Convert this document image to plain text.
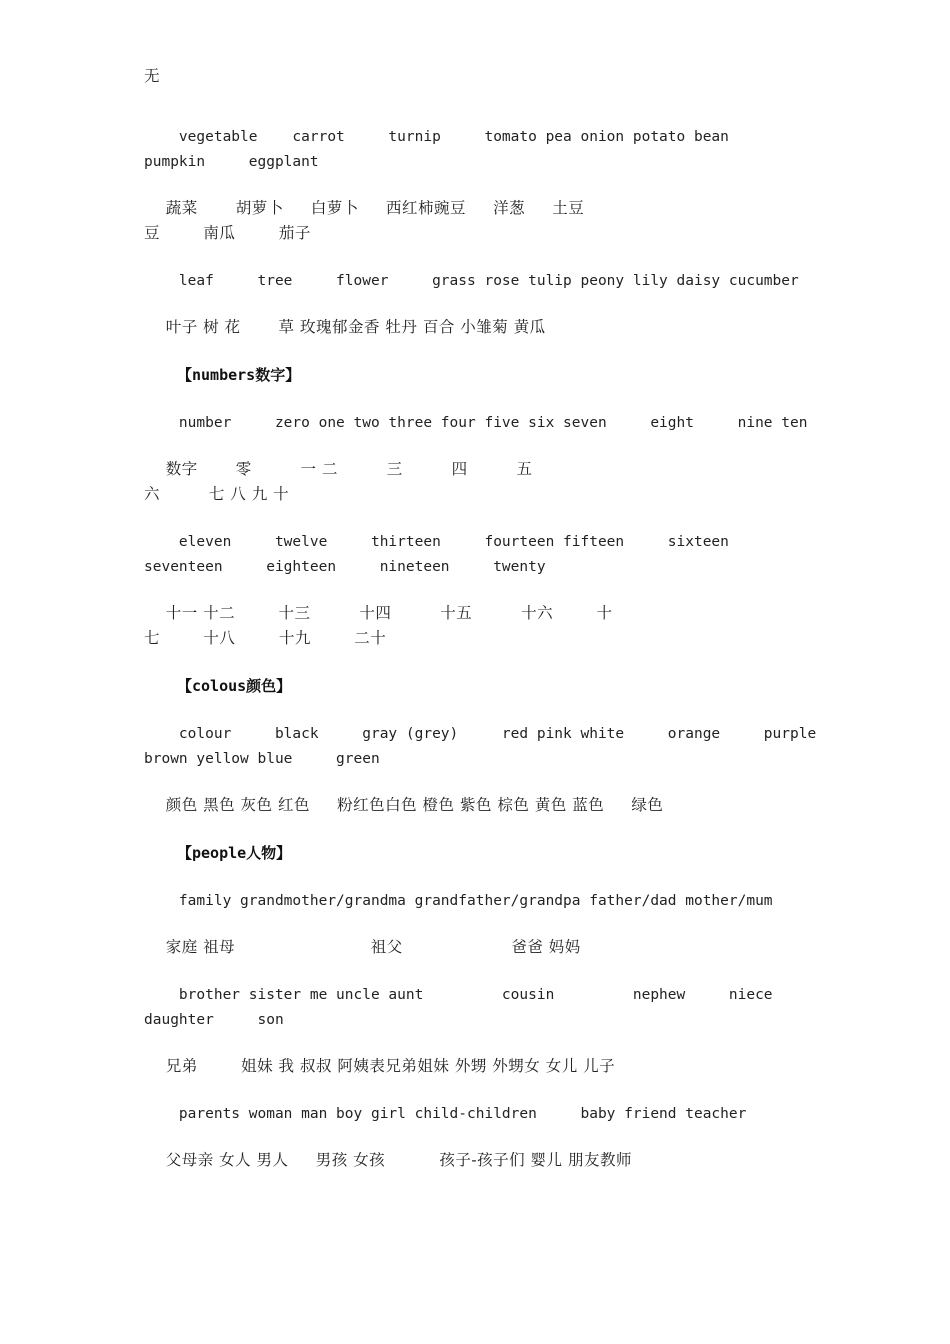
无

vegetable    carrot     turnip     tomato pea onion potato bean

pumpkin     eggplant

蔬菜       胡萝卜     白萝卜     西红柿豌豆     洋葱     土豆

豆        南瓜        茄子

leaf     tree     flower     grass rose tulip peony lily daisy cucumber

叶子 树 花       草 玫瑰郁金香 牡丹 百合 小雏菊 黄瓜

【numbers数字】

number     zero one two three four five six seven     eight     nine ten

数字       零         一 二         三         四         五

六         七 八 九 十

eleven     twelve     thirteen     fourteen fifteen     sixteen

seventeen     eighteen     nineteen     twenty

十一 十二        十三         十四         十五         十六        十

七        十八        十九        二十

【colous颜色】

colour     black     gray (grey)     red pink white     orange     purple

brown yellow blue     green

颜色 黑色 灰色 红色     粉红色白色 橙色 紫色 棕色 黄色 蓝色     绿色

【people人物】

family grandmother/grandma grandfather/grandpa father/dad mother/mum

家庭 祖母                         祖父                    爸爸 妈妈

brother sister me uncle aunt         cousin         nephew     niece

daughter     son

兄弟        姐妹 我 叔叔 阿姨表兄弟姐妹 外甥 外甥女 女儿 儿子

parents woman man boy girl child-children     baby friend teacher

父母亲 女人 男人     男孩 女孩          孩子-孩子们 婴儿 朋友教师
